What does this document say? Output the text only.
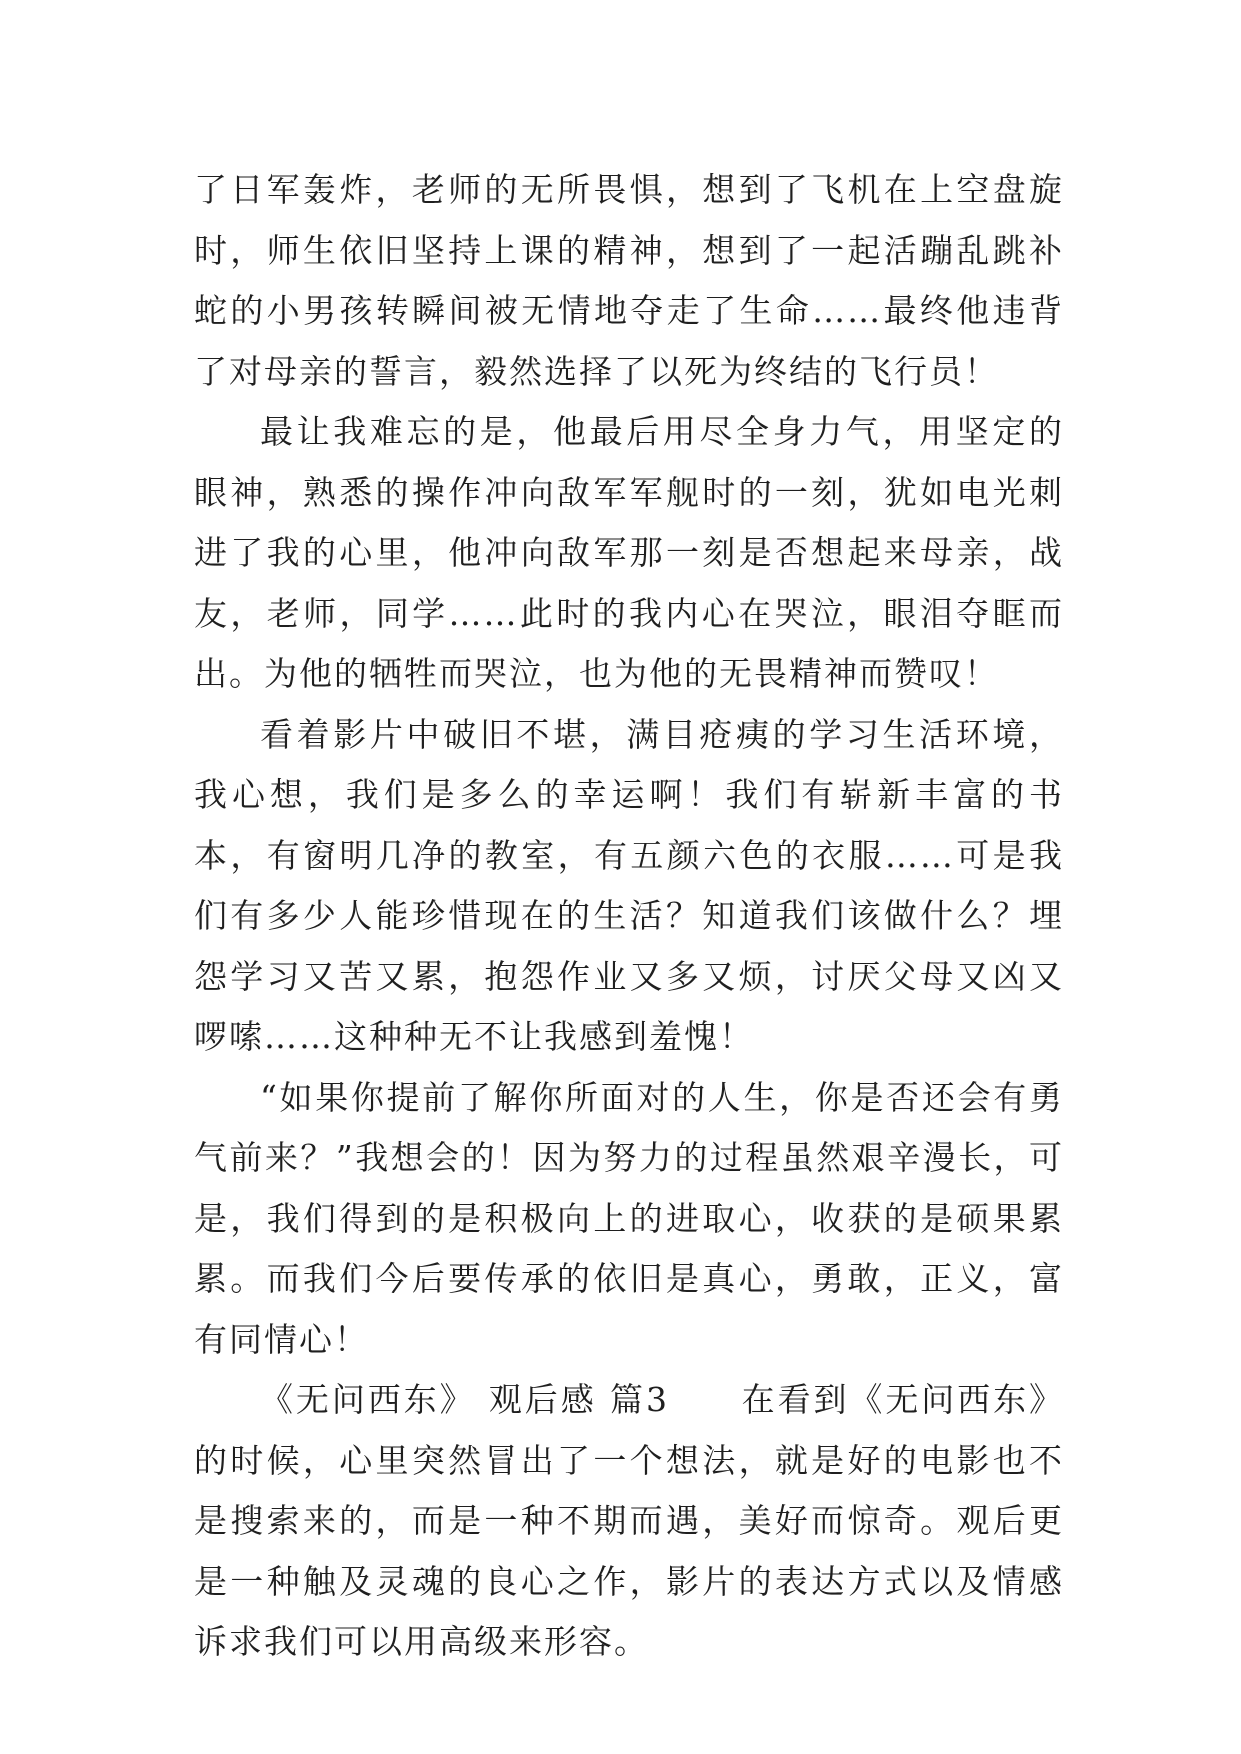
了日军轰炸，老师的无所畏惧，想到了飞机在上空盘旋时，师生依旧坚持上课的精神，想到了一起活蹦乱跳补蛇的小男孩转瞬间被无情地夺走了生命……最终他违背了对母亲的誓言，毅然选择了以死为终结的飞行员！

最让我难忘的是，他最后用尽全身力气，用坚定的眼神，熟悉的操作冲向敌军军舰时的一刻，犹如电光刺进了我的心里，他冲向敌军那一刻是否想起来母亲，战友，老师，同学……此时的我内心在哭泣，眼泪夺眶而出。为他的牺牲而哭泣，也为他的无畏精神而赞叹！

看着影片中破旧不堪，满目疮痍的学习生活环境，我心想，我们是多么的幸运啊！我们有崭新丰富的书本，有窗明几净的教室，有五颜六色的衣服……可是我们有多少人能珍惜现在的生活？知道我们该做什么？埋怨学习又苦又累，抱怨作业又多又烦，讨厌父母又凶又啰嗦……这种种无不让我感到羞愧！

“如果你提前了解你所面对的人生，你是否还会有勇气前来？”我想会的！因为努力的过程虽然艰辛漫长，可是，我们得到的是积极向上的进取心，收获的是硕果累累。而我们今后要传承的依旧是真心，勇敢，正义，富有同情心！

《无问西东》 观后感 篇3　　在看到《无问西东》的时候，心里突然冒出了一个想法，就是好的电影也不是搜索来的，而是一种不期而遇，美好而惊奇。观后更是一种触及灵魂的良心之作，影片的表达方式以及情感诉求我们可以用高级来形容。
